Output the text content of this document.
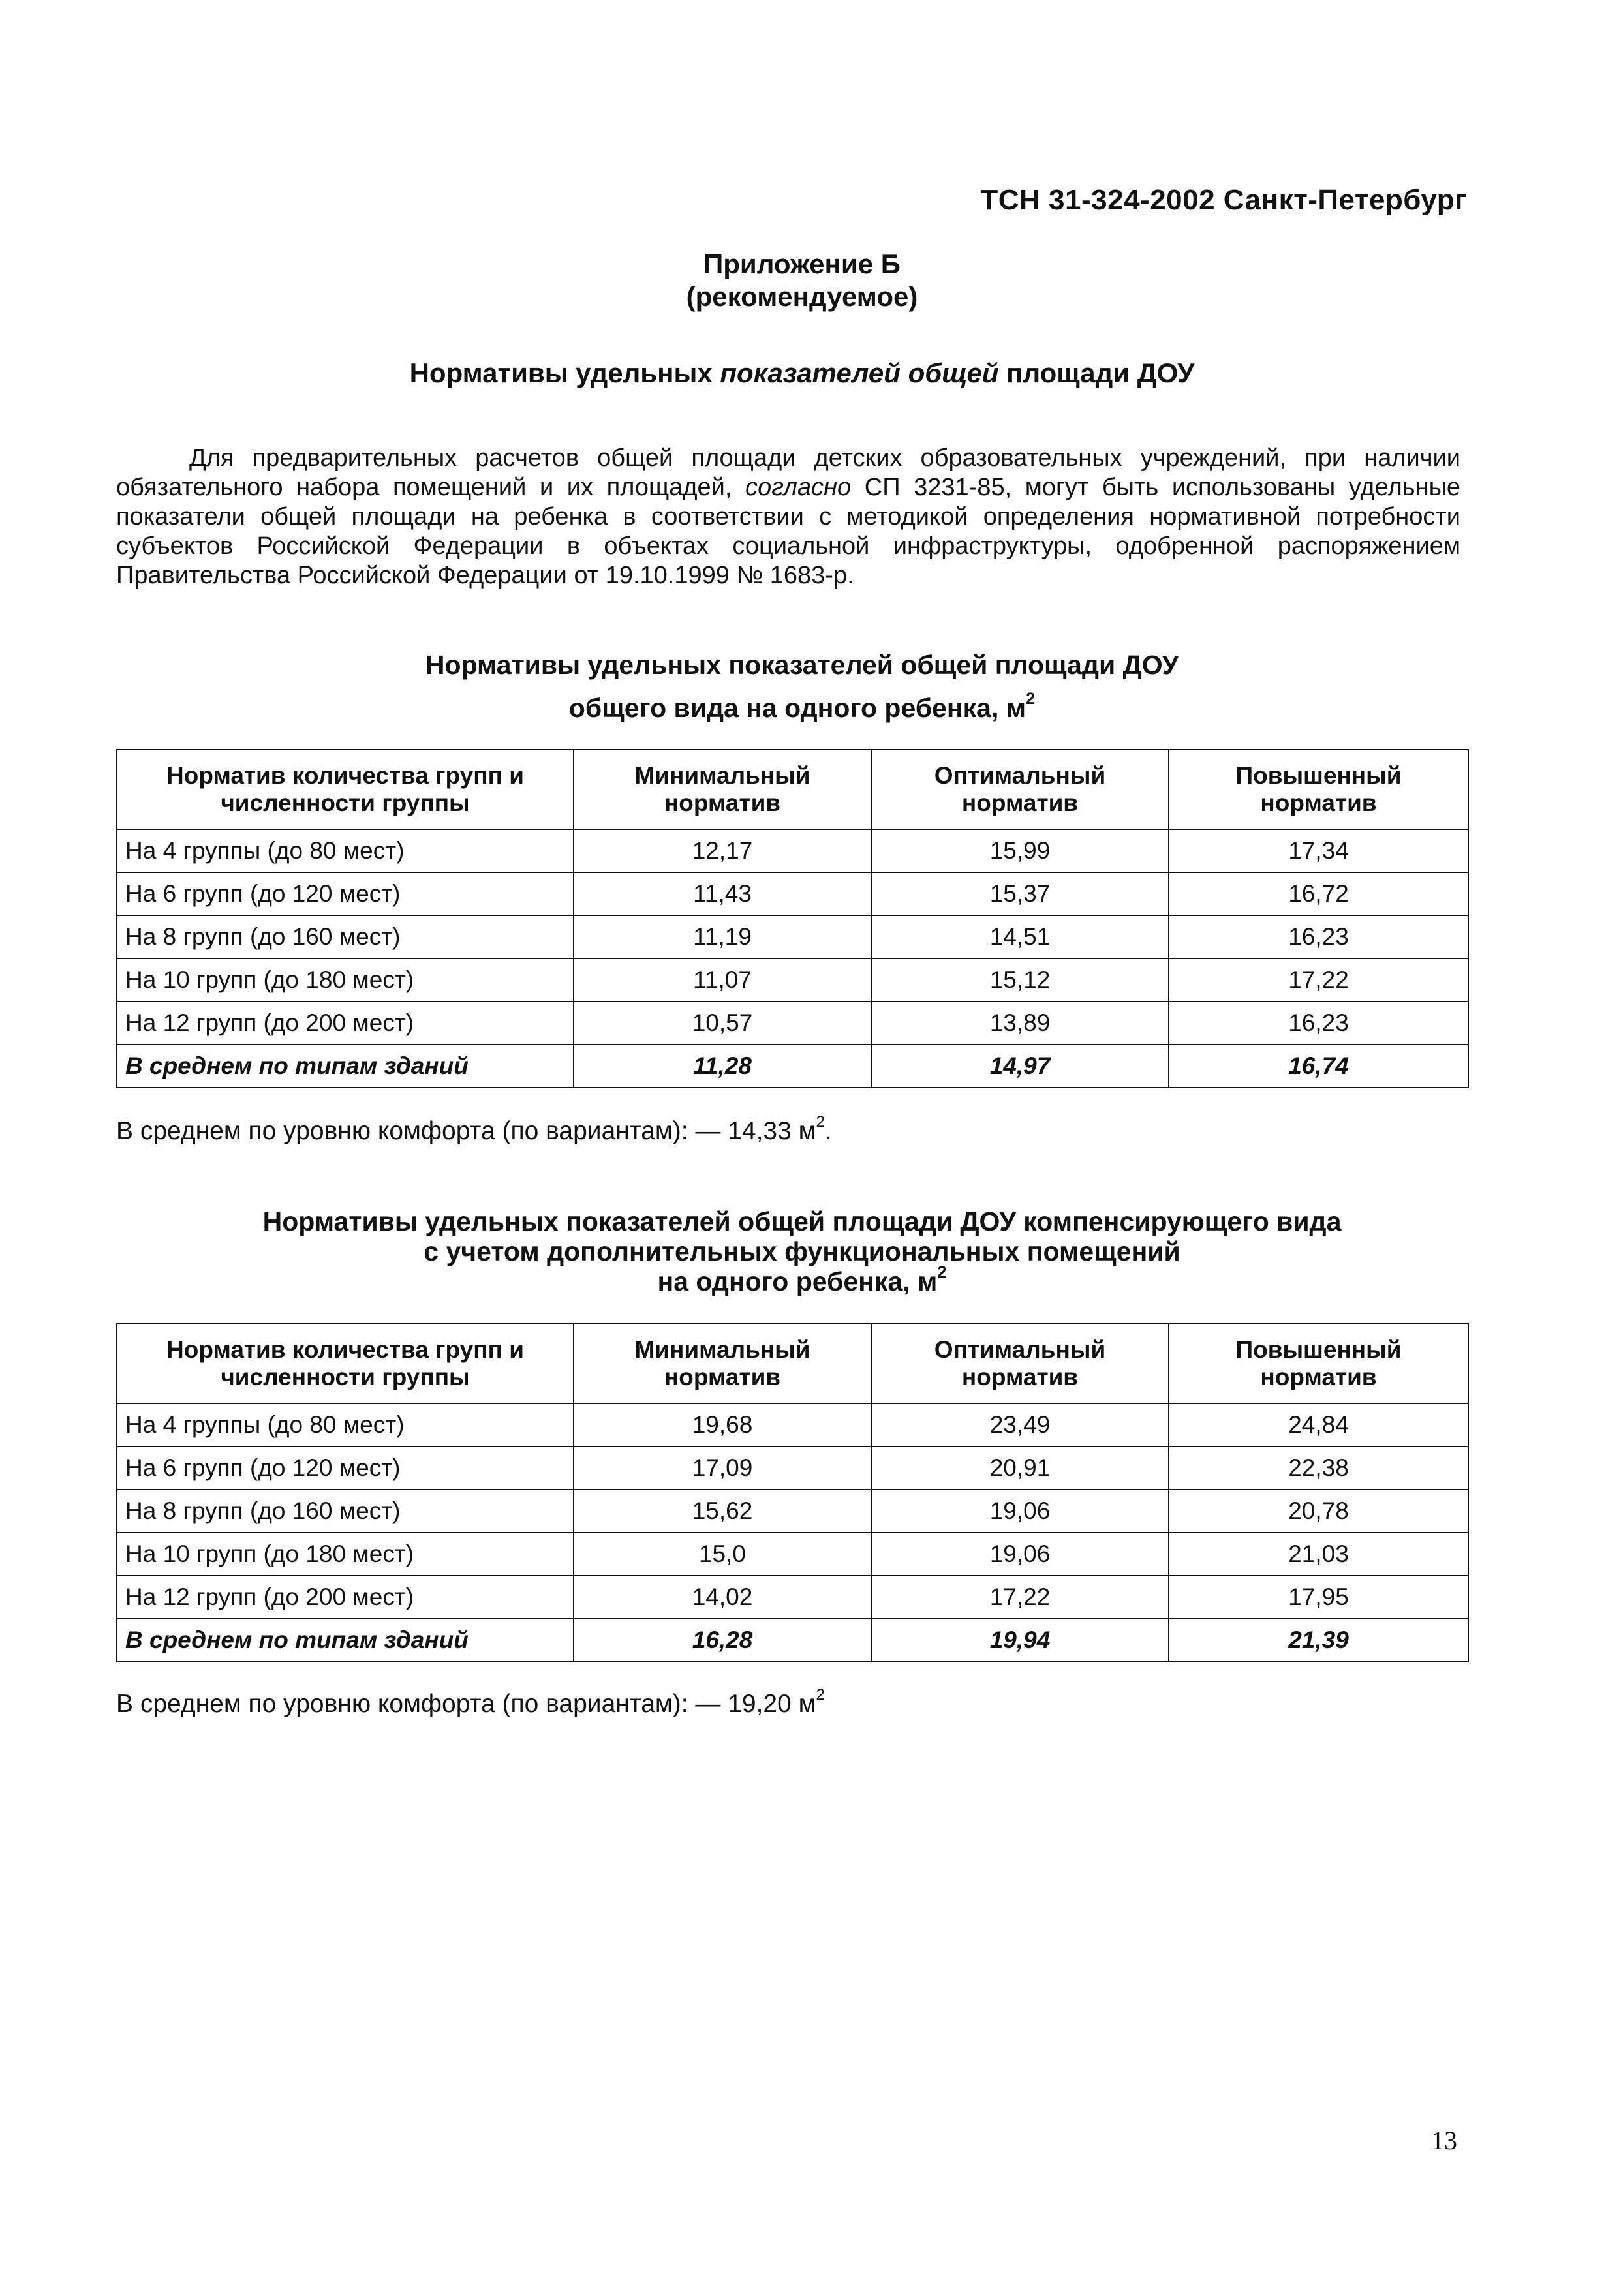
ТСН 31-324-2002 Санкт-Петербург
Приложение Б
(рекомендуемое)
Нормативы удельных показателей общей площади ДОУ
Для предварительных расчетов общей площади детских образовательных учреждений, при наличии обязательного набора помещений и их площадей, согласно СП 3231-85, могут быть использованы удельные показатели общей площади на ребенка в соответствии с методикой определения нормативной потребности субъектов Российской Федерации в объектах социальной инфраструктуры, одобренной распоряжением Правительства Российской Федерации от 19.10.1999 № 1683-р.
Нормативы удельных показателей общей площади ДОУ
общего вида на одного ребенка, $м^2$
Норматив количества групп и численности группы	Минимальный норматив	Оптимальный норматив	Повышенный норматив
На 4 группы (до 80 мест)	12,17	15,99	17,34
На 6 групп (до 120 мест)	11,43	15,37	16,72
На 8 групп (до 160 мест)	11,19	14,51	16,23
На 10 групп (до 180 мест)	11,07	15,12	17,22
На 12 групп (до 200 мест)	10,57	13,89	16,23
В среднем по типам зданий	11,28	14,97	16,74
В среднем по уровню комфорта (по вариантам): — 14,33 $м^2$.
Нормативы удельных показателей общей площади ДОУ компенсирующего вида
с учетом дополнительных функциональных помещений
на одного ребенка, $м^2$
Норматив количества групп и численности группы	Минимальный норматив	Оптимальный норматив	Повышенный норматив
На 4 группы (до 80 мест)	19,68	23,49	24,84
На 6 групп (до 120 мест)	17,09	20,91	22,38
На 8 групп (до 160 мест)	15,62	19,06	20,78
На 10 групп (до 180 мест)	15,0	19,06	21,03
На 12 групп (до 200 мест)	14,02	17,22	17,95
В среднем по типам зданий	16,28	19,94	21,39
В среднем по уровню комфорта (по вариантам): — 19,20 $м^2$
13
